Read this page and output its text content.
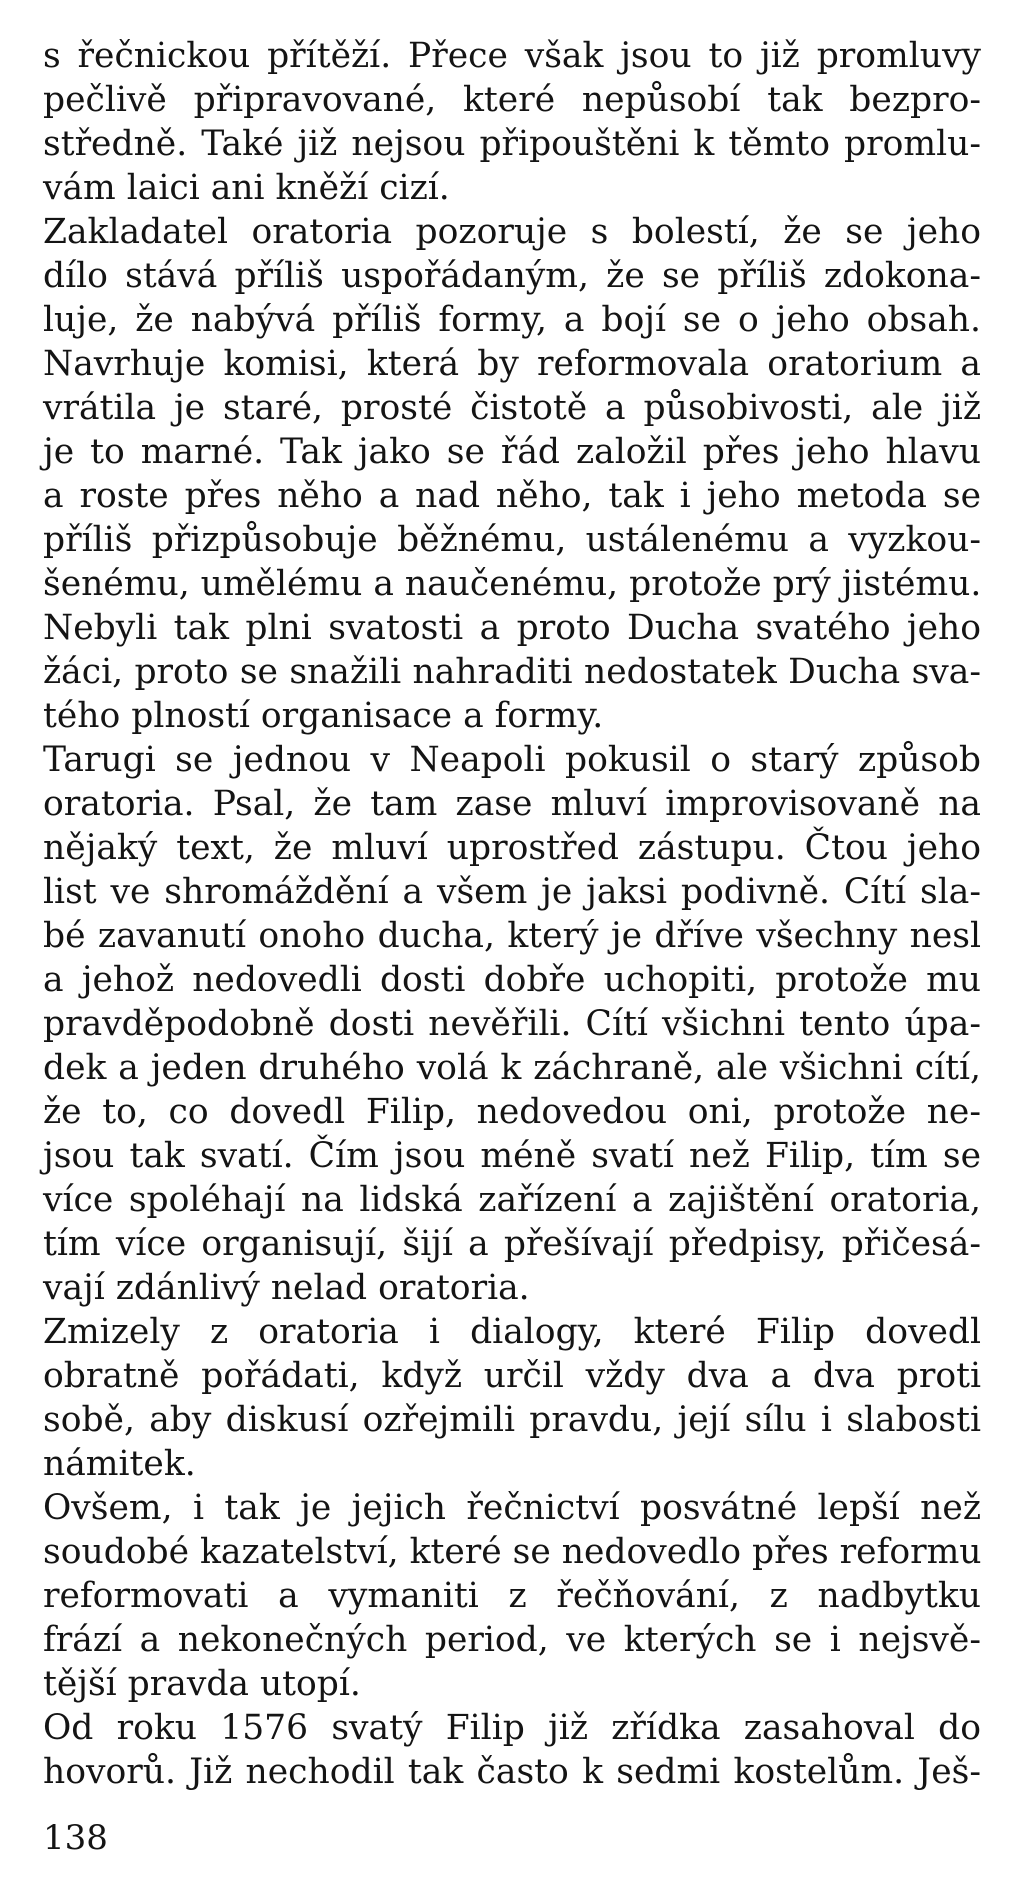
s řečnickou přítěží. Přece však jsou to již promluvy
pečlivě připravované, které nepůsobí tak bezpro-
středně. Také již nejsou připouštěni k těmto promlu-
vám laici ani kněží cizí.
Zakladatel oratoria pozoruje s bolestí, že se jeho
dílo stává příliš uspořádaným, že se příliš zdokona-
luje, že nabývá příliš formy, a bojí se o jeho obsah.
Navrhuje komisi, která by reformovala oratorium a
vrátila je staré, prosté čistotě a působivosti, ale již
je to marné. Tak jako se řád založil přes jeho hlavu
a roste přes něho a nad něho, tak i jeho metoda se
příliš přizpůsobuje běžnému, ustálenému a vyzkou-
šenému, umělému a naučenému, protože prý jistému.
Nebyli tak plni svatosti a proto Ducha svatého jeho
žáci, proto se snažili nahraditi nedostatek Ducha sva-
tého plností organisace a formy.
Tarugi se jednou v Neapoli pokusil o starý způsob
oratoria. Psal, že tam zase mluví improvisovaně na
nějaký text, že mluví uprostřed zástupu. Čtou jeho
list ve shromáždění a všem je jaksi podivně. Cítí sla-
bé zavanutí onoho ducha, který je dříve všechny nesl
a jehož nedovedli dosti dobře uchopiti, protože mu
pravděpodobně dosti nevěřili. Cítí všichni tento úpa-
dek a jeden druhého volá k záchraně, ale všichni cítí,
že to, co dovedl Filip, nedovedou oni, protože ne-
jsou tak svatí. Čím jsou méně svatí než Filip, tím se
více spoléhají na lidská zařízení a zajištění oratoria,
tím více organisují, šijí a přešívají předpisy, přičesá-
vají zdánlivý nelad oratoria.
Zmizely z oratoria i dialogy, které Filip dovedl
obratně pořádati, když určil vždy dva a dva proti
sobě, aby diskusí ozřejmili pravdu, její sílu i slabosti
námitek.
Ovšem, i tak je jejich řečnictví posvátné lepší než
soudobé kazatelství, které se nedovedlo přes reformu
reformovati a vymaniti z řečňování, z nadbytku
frází a nekonečných period, ve kterých se i nejsvě-
tější pravda utopí.
Od roku 1576 svatý Filip již zřídka zasahoval do
hovorů. Již nechodil tak často k sedmi kostelům. Ješ-
138
